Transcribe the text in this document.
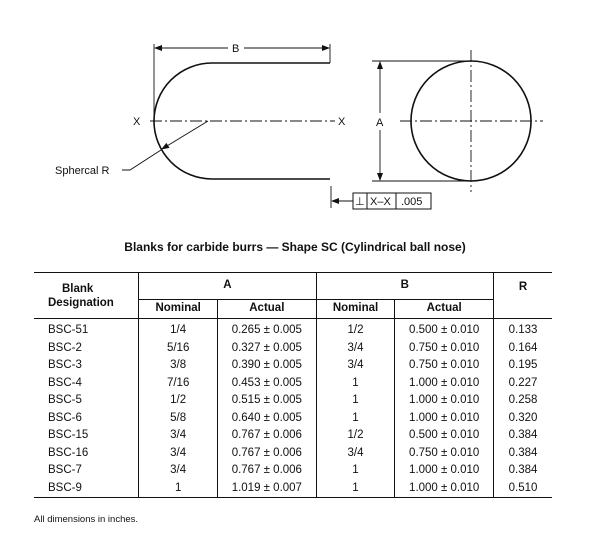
X	X
B
Sphercal R
A
⊥ X–X .005
Blanks for carbide burrs — Shape SC (Cylindrical ball nose)
Blank
Designation	A		B		R
	Nominal	Actual	Nominal	Actual	
BSC-51	1/4	0.265 ± 0.005	1/2	0.500 ± 0.010	0.133
BSC-2	5/16	0.327 ± 0.005	3/4	0.750 ± 0.010	0.164
BSC-3	3/8	0.390 ± 0.005	3/4	0.750 ± 0.010	0.195
BSC-4	7/16	0.453 ± 0.005	1	1.000 ± 0.010	0.227
BSC-5	1/2	0.515 ± 0.005	1	1.000 ± 0.010	0.258
BSC-6	5/8	0.640 ± 0.005	1	1.000 ± 0.010	0.320
BSC-15	3/4	0.767 ± 0.006	1/2	0.500 ± 0.010	0.384
BSC-16	3/4	0.767 ± 0.006	3/4	0.750 ± 0.010	0.384
BSC-7	3/4	0.767 ± 0.006	1	1.000 ± 0.010	0.384
BSC-9	1	1.019 ± 0.007	1	1.000 ± 0.010	0.510
All dimensions in inches.
